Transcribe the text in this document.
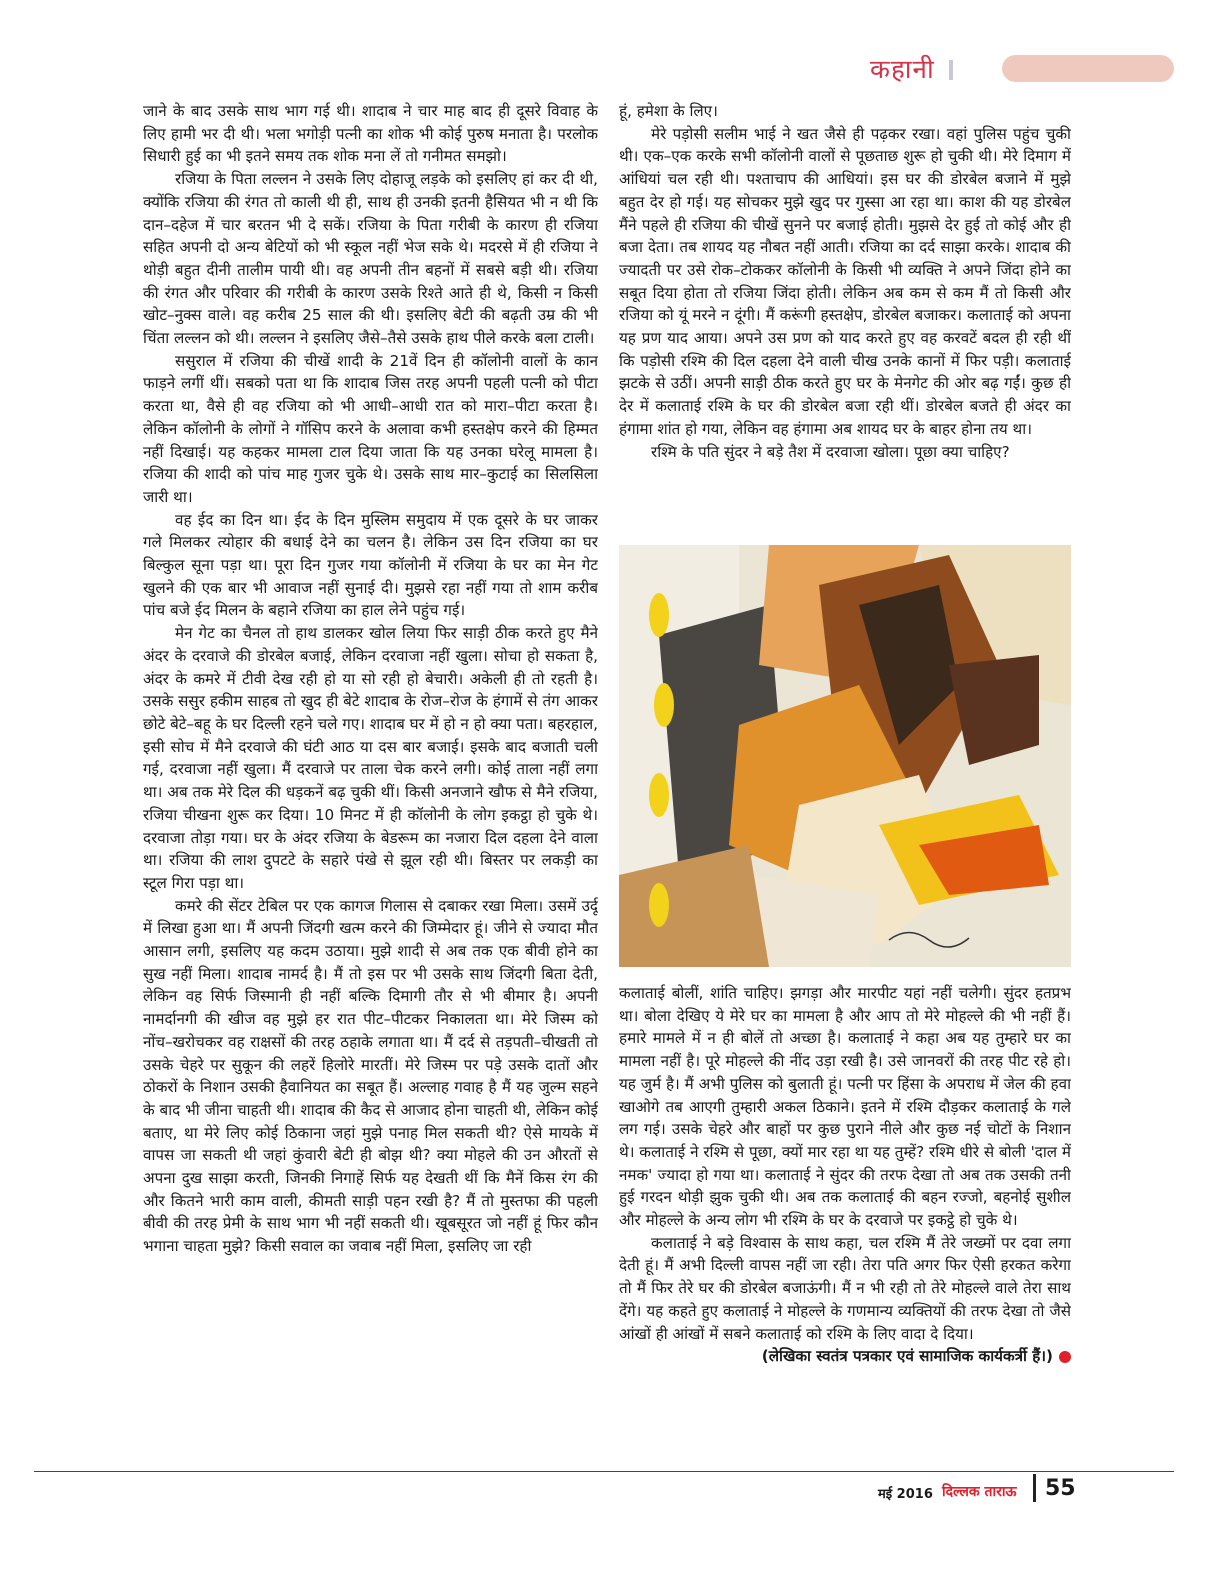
कहानी

जाने के बाद उसके साथ भाग गई थी। शादाब ने चार माह बाद ही दूसरे विवाह के लिए हामी भर दी थी। भला भगोड़ी पत्नी का शोक भी कोई पुरुष मनाता है। परलोक सिधारी हुई का भी इतने समय तक शोक मना लें तो गनीमत समझो।

रजिया के पिता लल्लन ने उसके लिए दोहाजू लड़के को इसलिए हां कर दी थी, क्योंकि रजिया की रंगत तो काली थी ही, साथ ही उनकी इतनी हैसियत भी न थी कि दान–दहेज में चार बरतन भी दे सकें। रजिया के पिता गरीबी के कारण ही रजिया सहित अपनी दो अन्य बेटियों को भी स्कूल नहीं भेज सके थे। मदरसे में ही रजिया ने थोड़ी बहुत दीनी तालीम पायी थी। वह अपनी तीन बहनों में सबसे बड़ी थी। रजिया की रंगत और परिवार की गरीबी के कारण उसके रिश्ते आते ही थे, किसी न किसी खोट–नुक्स वाले। वह करीब 25 साल की थी। इसलिए बेटी की बढ़ती उम्र की भी चिंता लल्लन को थी। लल्लन ने इसलिए जैसे–तैसे उसके हाथ पीले करके बला टाली।

ससुराल में रजिया की चीखें शादी के 21वें दिन ही कॉलोनी वालों के कान फाड़ने लगीं थीं। सबको पता था कि शादाब जिस तरह अपनी पहली पत्नी को पीटा करता था, वैसे ही वह रजिया को भी आधी–आधी रात को मारा–पीटा करता है। लेकिन कॉलोनी के लोगों ने गॉसिप करने के अलावा कभी हस्तक्षेप करने की हिम्मत नहीं दिखाई। यह कहकर मामला टाल दिया जाता कि यह उनका घरेलू मामला है। रजिया की शादी को पांच माह गुजर चुके थे। उसके साथ मार–कुटाई का सिलसिला जारी था।

वह ईद का दिन था। ईद के दिन मुस्लिम समुदाय में एक दूसरे के घर जाकर गले मिलकर त्योहार की बधाई देने का चलन है। लेकिन उस दिन रजिया का घर बिल्कुल सूना पड़ा था। पूरा दिन गुजर गया कॉलोनी में रजिया के घर का मेन गेट खुलने की एक बार भी आवाज नहीं सुनाई दी। मुझसे रहा नहीं गया तो शाम करीब पांच बजे ईद मिलन के बहाने रजिया का हाल लेने पहुंच गई।

मेन गेट का चैनल तो हाथ डालकर खोल लिया फिर साड़ी ठीक करते हुए मैने अंदर के दरवाजे की डोरबेल बजाई, लेकिन दरवाजा नहीं खुला। सोचा हो सकता है, अंदर के कमरे में टीवी देख रही हो या सो रही हो बेचारी। अकेली ही तो रहती है। उसके ससुर हकीम साहब तो खुद ही बेटे शादाब के रोज–रोज के हंगामें से तंग आकर छोटे बेटे–बहू के घर दिल्ली रहने चले गए। शादाब घर में हो न हो क्या पता। बहरहाल, इसी सोच में मैने दरवाजे की घंटी आठ या दस बार बजाई। इसके बाद बजाती चली गई, दरवाजा नहीं खुला। मैं दरवाजे पर ताला चेक करने लगी। कोई ताला नहीं लगा था। अब तक मेरे दिल की धड़कनें बढ़ चुकी थीं। किसी अनजाने खौफ से मैने रजिया, रजिया चीखना शुरू कर दिया। 10 मिनट में ही कॉलोनी के लोग इकट्ठा हो चुके थे। दरवाजा तोड़ा गया। घर के अंदर रजिया के बेडरूम का नजारा दिल दहला देने वाला था। रजिया की लाश दुपटटे के सहारे पंखे से झूल रही थी। बिस्तर पर लकड़ी का स्टूल गिरा पड़ा था।

कमरे की सेंटर टेबिल पर एक कागज गिलास से दबाकर रखा मिला। उसमें उर्दू में लिखा हुआ था। मैं अपनी जिंदगी खत्म करने की जिम्मेदार हूं। जीने से ज्यादा मौत आसान लगी, इसलिए यह कदम उठाया। मुझे शादी से अब तक एक बीवी होने का सुख नहीं मिला। शादाब नामर्द है। मैं तो इस पर भी उसके साथ जिंदगी बिता देती, लेकिन वह सिर्फ जिस्मानी ही नहीं बल्कि दिमागी तौर से भी बीमार है। अपनी नामर्दानगी की खीज वह मुझे हर रात पीट–पीटकर निकालता था। मेरे जिस्म को नोंच–खरोचकर वह राक्षसों की तरह ठहाके लगाता था। मैं दर्द से तड़पती–चीखती तो उसके चेहरे पर सुकून की लहरें हिलोरे मारतीं। मेरे जिस्म पर पड़े उसके दातों और ठोकरों के निशान उसकी हैवानियत का सबूत हैं। अल्लाह गवाह है मैं यह जुल्म सहने के बाद भी जीना चाहती थी। शादाब की कैद से आजाद होना चाहती थी, लेकिन कोई बताए, था मेरे लिए कोई ठिकाना जहां मुझे पनाह मिल सकती थी? ऐसे मायके में वापस जा सकती थी जहां कुंवारी बेटी ही बोझ थी? क्या मोहले की उन औरतों से अपना दुख साझा करती, जिनकी निगाहें सिर्फ यह देखती थीं कि मैनें किस रंग की और कितने भारी काम वाली, कीमती साड़ी पहन रखी है? मैं तो मुस्तफा की पहली बीवी की तरह प्रेमी के साथ भाग भी नहीं सकती थी। खूबसूरत जो नहीं हूं फिर कौन भगाना चाहता मुझे? किसी सवाल का जवाब नहीं मिला, इसलिए जा रही

हूं, हमेशा के लिए।

मेरे पड़ोसी सलीम भाई ने खत जैसे ही पढ़कर रखा। वहां पुलिस पहुंच चुकी थी। एक–एक करके सभी कॉलोनी वालों से पूछताछ शुरू हो चुकी थी। मेरे दिमाग में आंधियां चल रही थी। पश्ताचाप की आधियां। इस घर की डोरबेल बजाने में मुझे बहुत देर हो गई। यह सोचकर मुझे खुद पर गुस्सा आ रहा था। काश की यह डोरबेल मैंने पहले ही रजिया की चीखें सुनने पर बजाई होती। मुझसे देर हुई तो कोई और ही बजा देता। तब शायद यह नौबत नहीं आती। रजिया का दर्द साझा करके। शादाब की ज्यादती पर उसे रोक–टोककर कॉलोनी के किसी भी व्यक्ति ने अपने जिंदा होने का सबूत दिया होता तो रजिया जिंदा होती। लेकिन अब कम से कम मैं तो किसी और रजिया को यूं मरने न दूंगी। मैं करूंगी हस्तक्षेप, डोरबेल बजाकर। कलाताई को अपना यह प्रण याद आया। अपने उस प्रण को याद करते हुए वह करवटें बदल ही रही थीं कि पड़ोसी रश्मि की दिल दहला देने वाली चीख उनके कानों में फिर पड़ी। कलाताई झटके से उठीं। अपनी साड़ी ठीक करते हुए घर के मेनगेट की ओर बढ़ गईं। कुछ ही देर में कलाताई रश्मि के घर की डोरबेल बजा रही थीं। डोरबेल बजते ही अंदर का हंगामा शांत हो गया, लेकिन वह हंगामा अब शायद घर के बाहर होना तय था।

रश्मि के पति सुंदर ने बड़े तैश में दरवाजा खोला। पूछा क्या चाहिए?

कलाताई बोलीं, शांति चाहिए। झगड़ा और मारपीट यहां नहीं चलेगी। सुंदर हतप्रभ था। बोला देखिए ये मेरे घर का मामला है और आप तो मेरे मोहल्ले की भी नहीं हैं। हमारे मामले में न ही बोलें तो अच्छा है। कलाताई ने कहा अब यह तुम्हारे घर का मामला नहीं है। पूरे मोहल्ले की नींद उड़ा रखी है। उसे जानवरों की तरह पीट रहे हो। यह जुर्म है। मैं अभी पुलिस को बुलाती हूं। पत्नी पर हिंसा के अपराध में जेल की हवा खाओगे तब आएगी तुम्हारी अकल ठिकाने। इतने में रश्मि दौड़कर कलाताई के गले लग गई। उसके चेहरे और बाहों पर कुछ पुराने नीले और कुछ नई चोटों के निशान थे। कलाताई ने रश्मि से पूछा, क्यों मार रहा था यह तुम्हें? रश्मि धीरे से बोली 'दाल में नमक' ज्यादा हो गया था। कलाताई ने सुंदर की तरफ देखा तो अब तक उसकी तनी हुई गरदन थोड़ी झुक चुकी थी। अब तक कलाताई की बहन रज्जो, बहनोई सुशील और मोहल्ले के अन्य लोग भी रश्मि के घर के दरवाजे पर इकट्ठे हो चुके थे।

कलाताई ने बड़े विश्वास के साथ कहा, चल रश्मि मैं तेरे जख्मों पर दवा लगा देती हूं। मैं अभी दिल्ली वापस नहीं जा रही। तेरा पति अगर फिर ऐसी हरकत करेगा तो मैं फिर तेरे घर की डोरबेल बजाऊंगी। मैं न भी रही तो तेरे मोहल्ले वाले तेरा साथ देंगे। यह कहते हुए कलाताई ने मोहल्ले के गणमान्य व्यक्तियों की तरफ देखा तो जैसे आंखों ही आंखों में सबने कलाताई को रश्मि के लिए वादा दे दिया।

(लेखिका स्वतंत्र पत्रकार एवं सामाजिक कार्यकर्त्री हैं।)

मई 2016 दिल्लक ताराऊ 55
